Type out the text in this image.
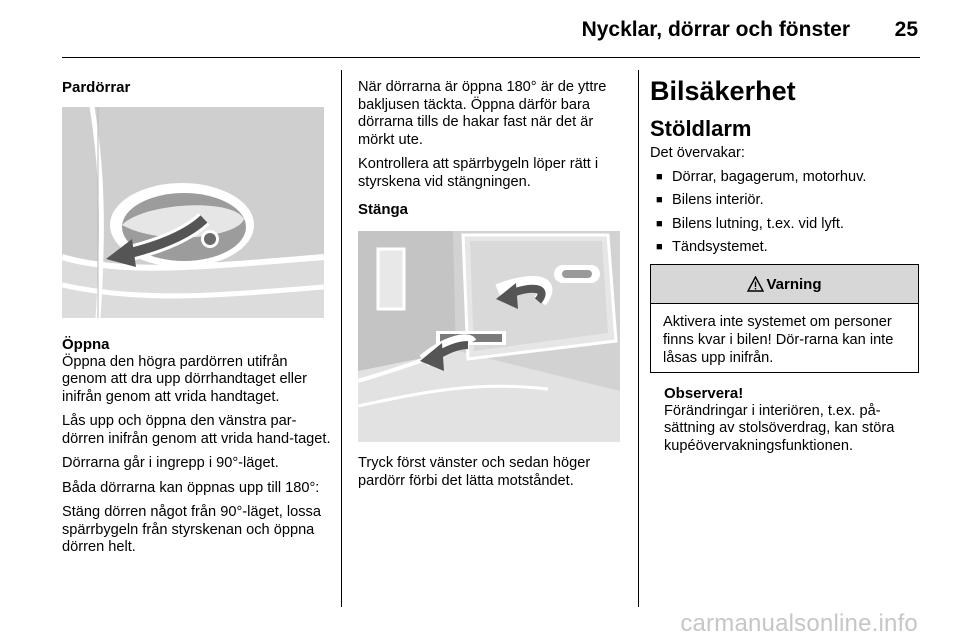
Nycklar, dörrar och fönster 25
Pardörrar
Öppna

Öppna den högra pardörren utifrån genom att dra upp dörrhandtaget eller inifrån genom att vrida handtaget.

Lås upp och öppna den vänstra par-dörren inifrån genom att vrida hand-taget.

Dörrarna går i ingrepp i 90°-läget.

Båda dörrarna kan öppnas upp till 180°:

Stäng dörren något från 90°-läget, lossa spärrbygeln från styrskenan och öppna dörren helt.

När dörrarna är öppna 180° är de yttre bakljusen täckta. Öppna därför bara dörrarna tills de hakar fast när det är mörkt ute.

Kontrollera att spärrbygeln löper rätt i styrskena vid stängningen.

Stänga

Tryck först vänster och sedan höger pardörr förbi det lätta motståndet.

Bilsäkerhet
Stöldlarm
Det övervakar:
■ Dörrar, bagagerum, motorhuv.
■ Bilens interiör.
■ Bilens lutning, t.ex. vid lyft.
■ Tändsystemet.
Varning
Aktivera inte systemet om personer finns kvar i bilen! Dör-rarna kan inte låsas upp inifrån.
Observera!
Förändringar i interiören, t.ex. på-sättning av stolsöverdrag, kan störa kupéövervakningsfunktionen.
carmanualsonline.info
